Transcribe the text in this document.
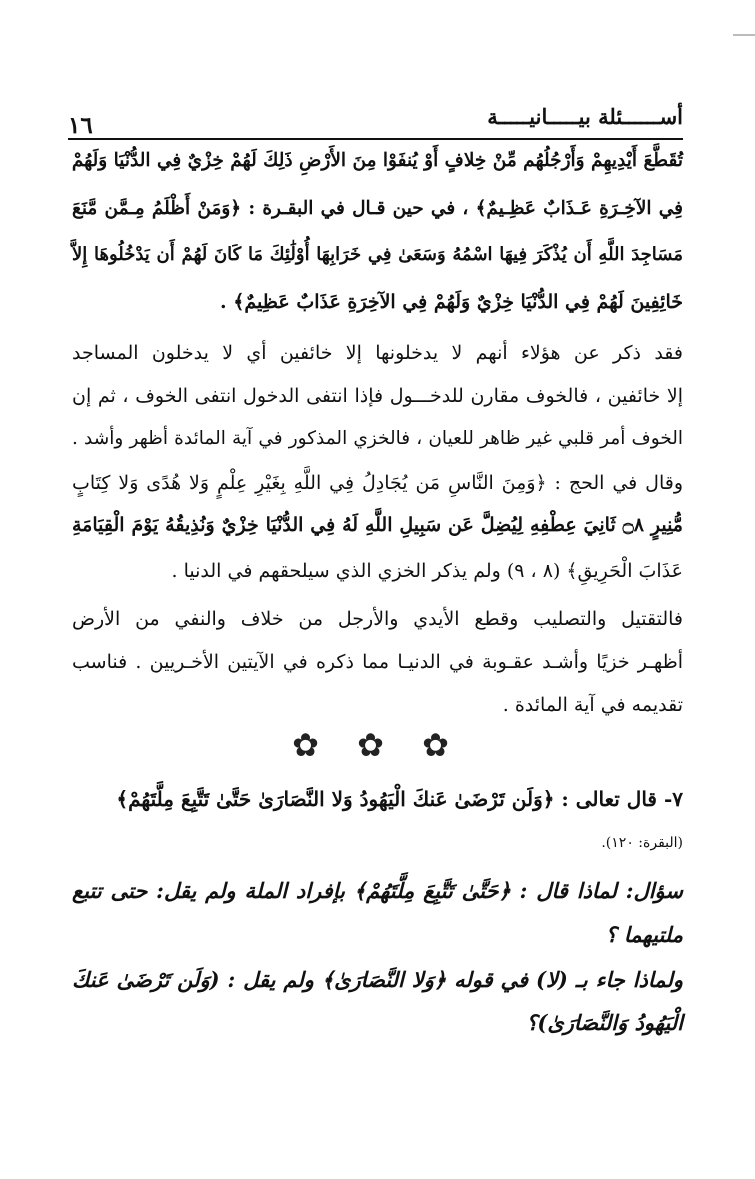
أســــــئلة بيـــــانيـــــة
١٦
تُقَطَّعَ أَيْدِيهِمْ وَأَرْجُلُهُم مِّنْ خِلافٍ أَوْ يُنفَوْا مِنَ الأَرْضِ ذَلِكَ لَهُمْ خِزْيٌ فِي الدُّنْيَا وَلَهُمْ
فِي الآخِـرَةِ عَـذَابٌ عَظِـيمٌ﴾ ، في حين قـال في البقـرة : ﴿وَمَنْ أَظْلَمُ مِـمَّن مَّنَعَ
مَسَاجِدَ اللَّهِ أَن يُذْكَرَ فِيهَا اسْمُهُ وَسَعَىٰ فِي خَرَابِهَا أُوْلَٰئِكَ مَا كَانَ لَهُمْ أَن يَدْخُلُوهَا إِلاَّ
خَائِفِينَ لَهُمْ فِي الدُّنْيَا خِزْيٌ وَلَهُمْ فِي الآخِرَةِ عَذَابٌ عَظِيمٌ﴾ .
فقد ذكر عن هؤلاء أنهم لا يدخلونها إلا خائفين أي لا يدخلون المساجد
إلا خائفين ، فالخوف مقارن للدخـــول فإذا انتفى الدخول انتفى الخوف ، ثم إن
الخوف أمر قلبي غير ظاهر للعيان ، فالخزي المذكور في آية المائدة أظهر وأشد .
وقال في الحج : ﴿وَمِنَ النَّاسِ مَن يُجَادِلُ فِي اللَّهِ بِغَيْرِ عِلْمٍ وَلا هُدًى وَلا كِتَابٍ
مُّنِيرٍ ۝٨ ثَانِيَ عِطْفِهِ لِيُضِلَّ عَن سَبِيلِ اللَّهِ لَهُ فِي الدُّنْيَا خِزْيٌ وَنُذِيقُهُ يَوْمَ الْقِيَامَةِ
عَذَابَ الْحَرِيقِ﴾ (٨ ، ٩) ولم يذكر الخزي الذي سيلحقهم في الدنيا .
فالتقتيل والتصليب وقطع الأيدي والأرجل من خلاف والنفي من الأرض
أظهـر خزيًا وأشـد عقـوبة في الدنيـا مما ذكره في الآيتين الأخـريين . فناسب
تقديمه في آية المائدة .
✿ ✿ ✿
٧- قال تعالى : ﴿وَلَن تَرْضَىٰ عَنكَ الْيَهُودُ وَلا النَّصَارَىٰ حَتَّىٰ تَتَّبِعَ مِلَّتَهُمْ﴾
(البقرة: ١٢٠).
سؤال: لماذا قال : ﴿حَتَّىٰ تَتَّبِعَ مِلَّتَهُمْ﴾ بإفراد الملة ولم يقل: حتى تتبع
ملتيهما ؟
ولماذا جاء بـ (لا) في قوله ﴿وَلا النَّصَارَىٰ﴾ ولم يقل : (وَلَن تَرْضَىٰ عَنكَ
الْيَهُودُ وَالنَّصَارَىٰ)؟
